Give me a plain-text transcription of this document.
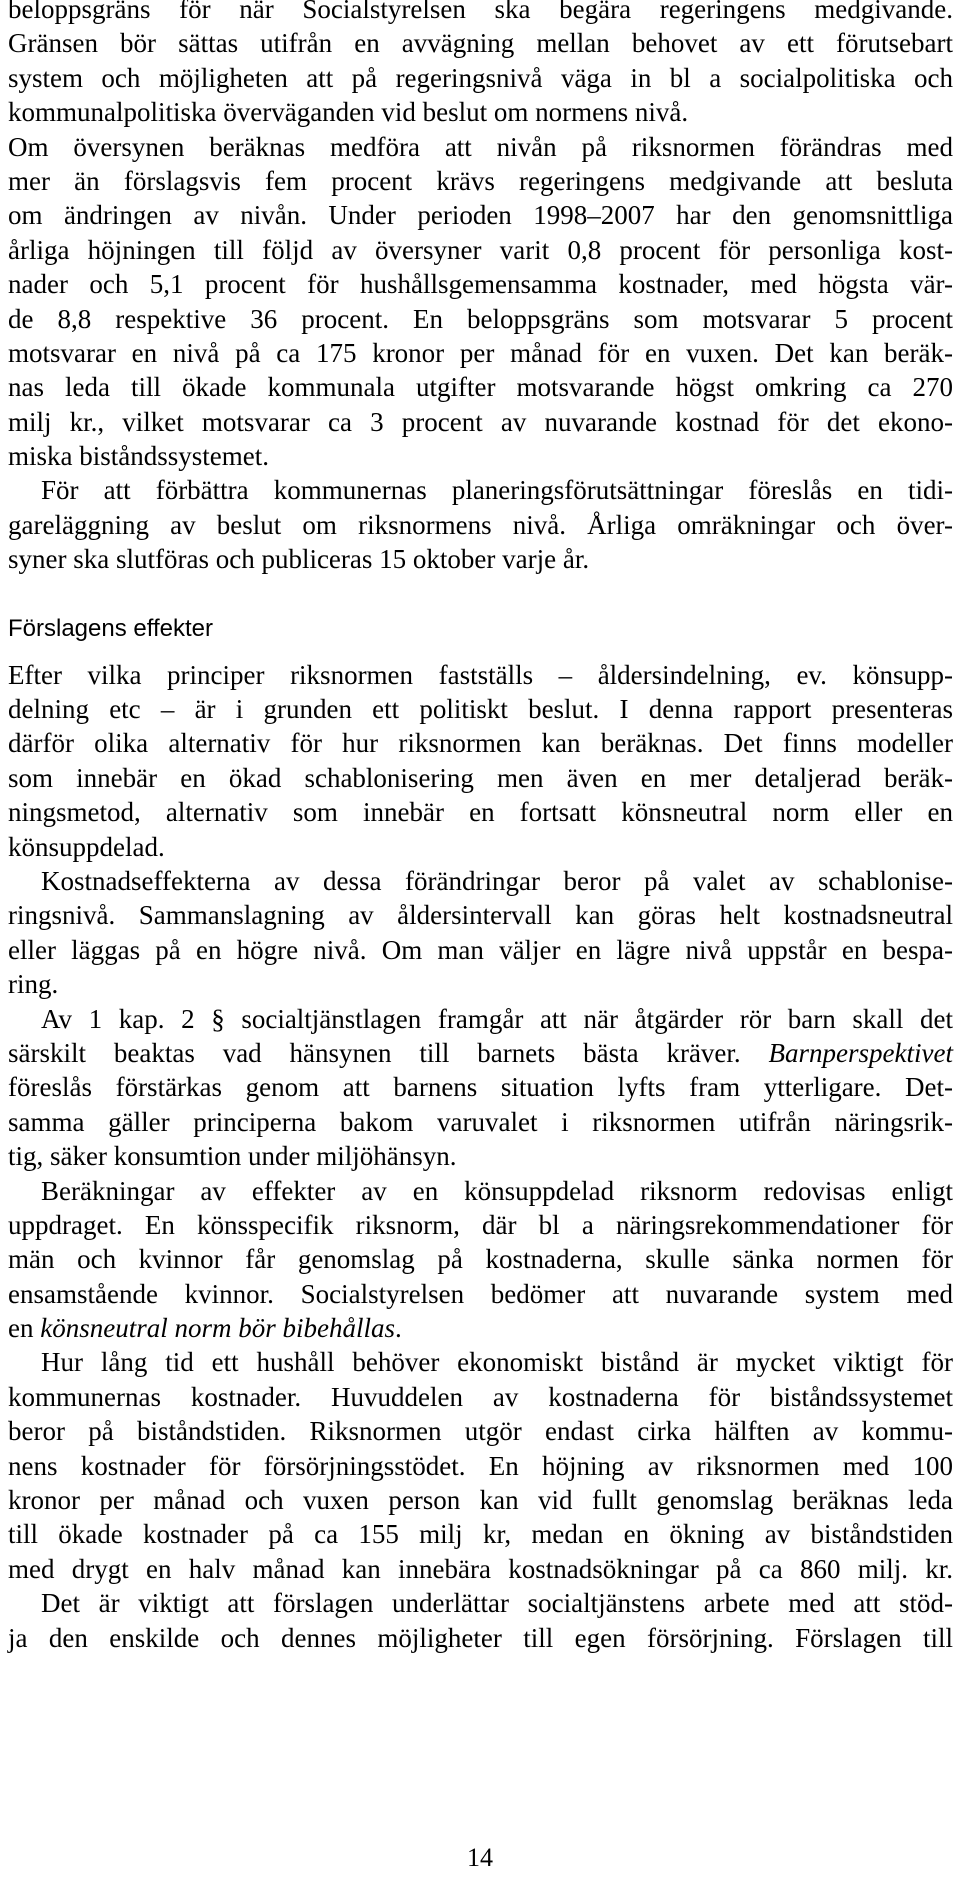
beloppsgräns för när Socialstyrelsen ska begära regeringens medgivande.
Gränsen bör sättas utifrån en avvägning mellan behovet av ett förutsebart
system och möjligheten att på regeringsnivå väga in bl a socialpolitiska och
kommunalpolitiska överväganden vid beslut om normens nivå.
Om översynen beräknas medföra att nivån på riksnormen förändras med
mer än förslagsvis fem procent krävs regeringens medgivande att besluta
om ändringen av nivån. Under perioden 1998–2007 har den genomsnittliga
årliga höjningen till följd av översyner varit 0,8 procent för personliga kost-
nader och 5,1 procent för hushållsgemensamma kostnader, med högsta vär-
de 8,8 respektive 36 procent. En beloppsgräns som motsvarar 5 procent
motsvarar en nivå på ca 175 kronor per månad för en vuxen. Det kan beräk-
nas leda till ökade kommunala utgifter motsvarande högst omkring ca 270
milj kr., vilket motsvarar ca 3 procent av nuvarande kostnad för det ekono-
miska biståndssystemet.
För att förbättra kommunernas planeringsförutsättningar föreslås en tidi-
gareläggning av beslut om riksnormens nivå. Årliga omräkningar och över-
syner ska slutföras och publiceras 15 oktober varje år.
Förslagens effekter
Efter vilka principer riksnormen fastställs – åldersindelning, ev. könsupp-
delning etc – är i grunden ett politiskt beslut. I denna rapport presenteras
därför olika alternativ för hur riksnormen kan beräknas. Det finns modeller
som innebär en ökad schablonisering men även en mer detaljerad beräk-
ningsmetod, alternativ som innebär en fortsatt könsneutral norm eller en
könsuppdelad.
Kostnadseffekterna av dessa förändringar beror på valet av schablonise-
ringsnivå. Sammanslagning av åldersintervall kan göras helt kostnadsneutral
eller läggas på en högre nivå. Om man väljer en lägre nivå uppstår en bespa-
ring.
Av 1 kap. 2 § socialtjänstlagen framgår att när åtgärder rör barn skall det
särskilt beaktas vad hänsynen till barnets bästa kräver. Barnperspektivet
föreslås förstärkas genom att barnens situation lyfts fram ytterligare. Det-
samma gäller principerna bakom varuvalet i riksnormen utifrån näringsrik-
tig, säker konsumtion under miljöhänsyn.
Beräkningar av effekter av en könsuppdelad riksnorm redovisas enligt
uppdraget. En könsspecifik riksnorm, där bl a näringsrekommendationer för
män och kvinnor får genomslag på kostnaderna, skulle sänka normen för
ensamstående kvinnor. Socialstyrelsen bedömer att nuvarande system med
en könsneutral norm bör bibehållas.
Hur lång tid ett hushåll behöver ekonomiskt bistånd är mycket viktigt för
kommunernas kostnader. Huvuddelen av kostnaderna för biståndssystemet
beror på biståndstiden. Riksnormen utgör endast cirka hälften av kommu-
nens kostnader för försörjningsstödet. En höjning av riksnormen med 100
kronor per månad och vuxen person kan vid fullt genomslag beräknas leda
till ökade kostnader på ca 155 milj kr, medan en ökning av biståndstiden
med drygt en halv månad kan innebära kostnadsökningar på ca 860 milj. kr.
Det är viktigt att förslagen underlättar socialtjänstens arbete med att stöd-
ja den enskilde och dennes möjligheter till egen försörjning. Förslagen till
14
